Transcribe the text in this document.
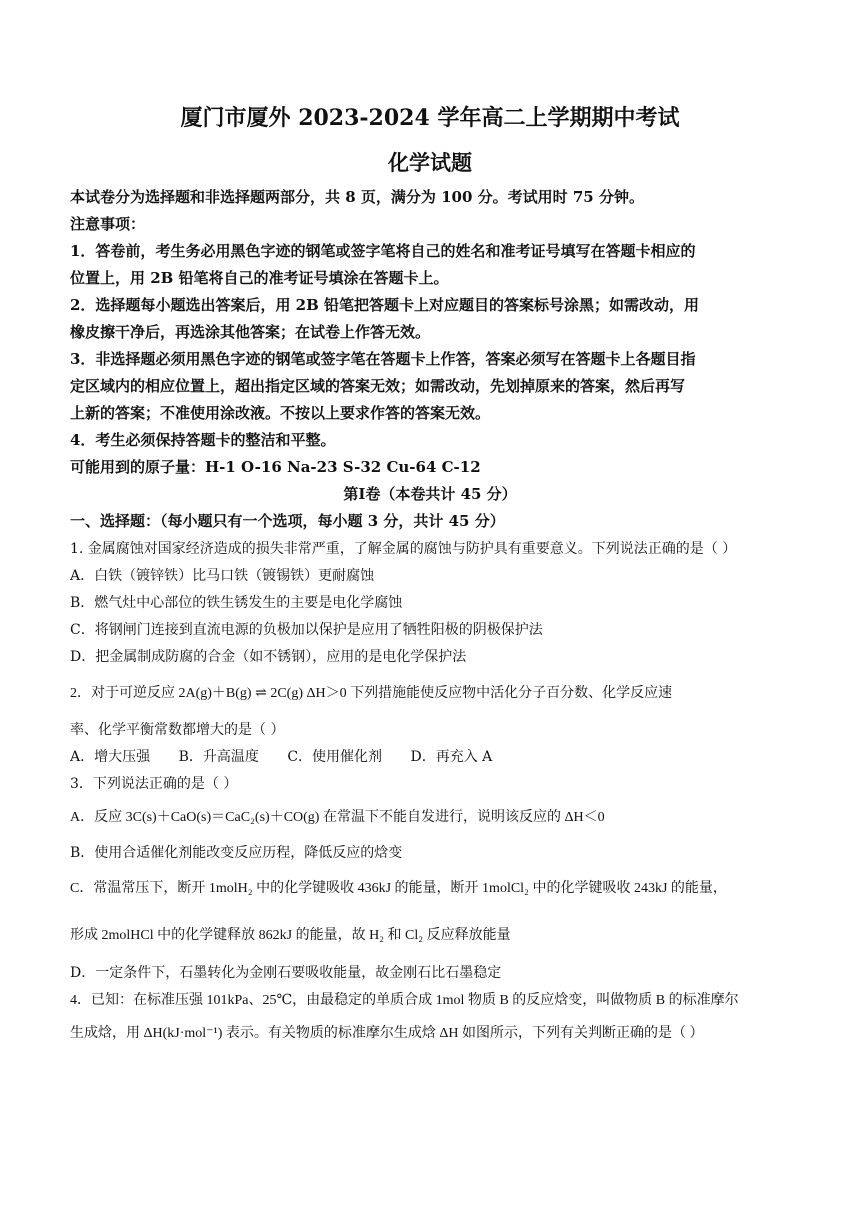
厦门市厦外 2023-2024 学年高二上学期期中考试
化学试题
本试卷分为选择题和非选择题两部分，共 8 页，满分为 100 分。考试用时 75 分钟。
注意事项：
1．答卷前，考生务必用黑色字迹的钢笔或签字笔将自己的姓名和准考证号填写在答题卡相应的
位置上，用 2B 铅笔将自己的准考证号填涂在答题卡上。
2．选择题每小题选出答案后，用 2B 铅笔把答题卡上对应题目的答案标号涂黑；如需改动，用
橡皮擦干净后，再选涂其他答案；在试卷上作答无效。
3．非选择题必须用黑色字迹的钢笔或签字笔在答题卡上作答，答案必须写在答题卡上各题目指
定区域内的相应位置上，超出指定区域的答案无效；如需改动，先划掉原来的答案，然后再写
上新的答案；不准使用涂改液。不按以上要求作答的答案无效。
4．考生必须保持答题卡的整洁和平整。
可能用到的原子量：H-1 O-16 Na-23 S-32 Cu-64 C-12
第Ⅰ卷（本卷共计 45 分）
一、选择题：（每小题只有一个选项，每小题 3 分，共计 45 分）
1. 金属腐蚀对国家经济造成的损失非常严重，了解金属的腐蚀与防护具有重要意义。下列说法正确的是（ ）
A．白铁（镀锌铁）比马口铁（镀锡铁）更耐腐蚀
B．燃气灶中心部位的铁生锈发生的主要是电化学腐蚀
C．将钢闸门连接到直流电源的负极加以保护是应用了牺牲阳极的阴极保护法
D．把金属制成防腐的合金（如不锈钢），应用的是电化学保护法
2．对于可逆反应 2A(g)＋B(g) ⇌ 2C(g) ΔH＞0 下列措施能使反应物中活化分子百分数、化学反应速
率、化学平衡常数都增大的是（ ）
A．增大压强 B．升高温度 C．使用催化剂 D．再充入 A
3．下列说法正确的是（ ）
A．反应 3C(s)＋CaO(s)＝CaC₂(s)＋CO(g) 在常温下不能自发进行，说明该反应的 ΔH＜0
B．使用合适催化剂能改变反应历程，降低反应的焓变
C．常温常压下，断开 1molH₂ 中的化学键吸收 436kJ 的能量，断开 1molCl₂ 中的化学键吸收 243kJ 的能量，
形成 2molHCl 中的化学键释放 862kJ 的能量，故 H₂ 和 Cl₂ 反应释放能量
D．一定条件下，石墨转化为金刚石要吸收能量，故金刚石比石墨稳定
4．已知：在标准压强 101kPa、25℃，由最稳定的单质合成 1mol 物质 B 的反应焓变，叫做物质 B 的标准摩尔
生成焓，用 ΔH(kJ·mol⁻¹) 表示。有关物质的标准摩尔生成焓 ΔH 如图所示，下列有关判断正确的是（ ）
